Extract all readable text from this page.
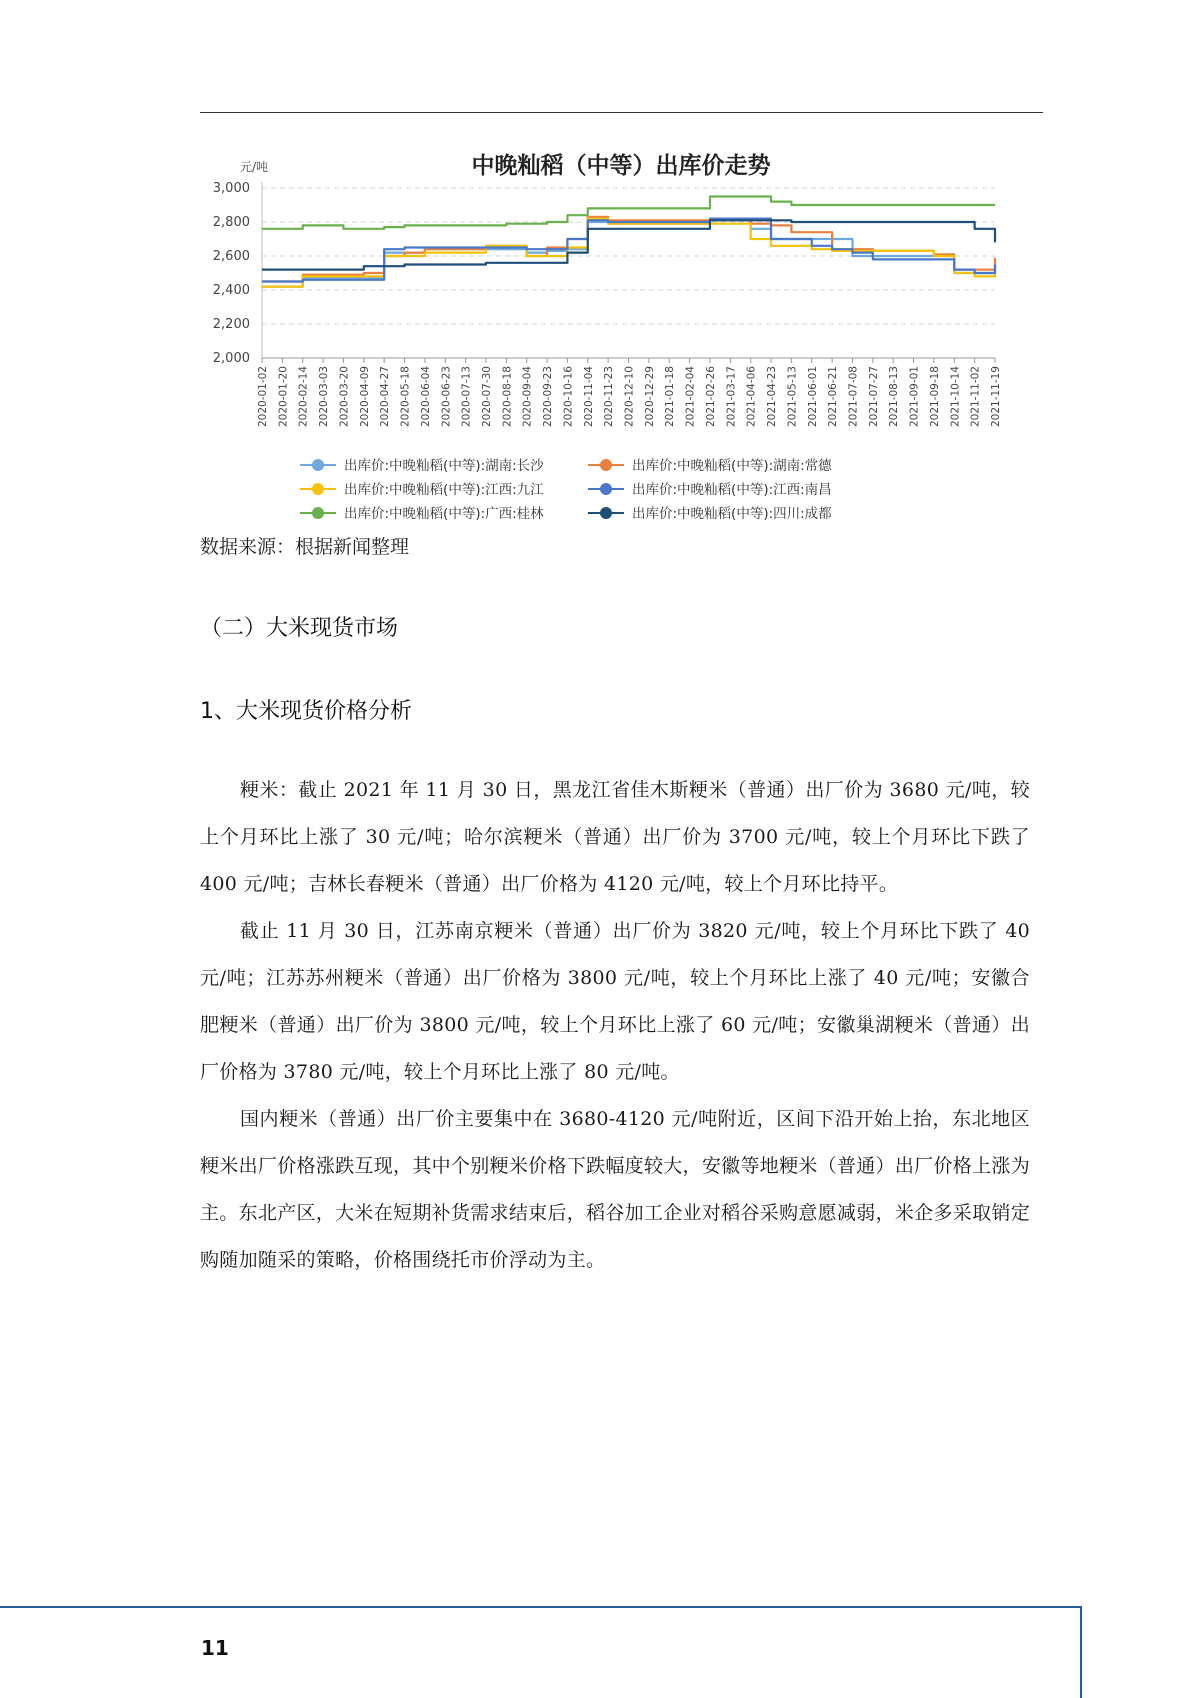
2,000
2,200
2,400
2,600
2,800
3,000
2020-01-02 2020-01-20 2020-02-14 2020-03-03 2020-03-20 2020-04-09 2020-04-27 2020-05-18 2020-06-04 2020-06-23 2020-07-13 2020-07-30 2020-08-18 2020-09-04 2020-09-23 2020-10-16 2020-11-04 2020-11-23 2020-12-10 2020-12-29 2021-01-18 2021-02-04 2021-02-26 2021-03-17 2021-04-06 2021-04-23 2021-05-13 2021-06-01 2021-06-21 2021-07-08 2021-07-27 2021-08-13 2021-09-01 2021-09-18 2021-10-14 2021-11-02 2021-11-19
中晚籼稻（中等）出库价走势
元/吨
出库价:中晚籼稻(中等):湖南:长沙	出库价:中晚籼稻(中等):湖南:常德
出库价:中晚籼稻(中等):江西:九江	出库价:中晚籼稻(中等):江西:南昌
出库价:中晚籼稻(中等):广西:桂林	出库价:中晚籼稻(中等):四川:成都
数据来源：根据新闻整理
（二）大米现货市场
1、大米现货价格分析

粳米：截止 2021 年 11 月 30 日，黑龙江省佳木斯粳米（普通）出厂价为 3680 元/吨，较上个月环比上涨了 30 元/吨；哈尔滨粳米（普通）出厂价为 3700 元/吨，较上个月环比下跌了 400 元/吨；吉林长春粳米（普通）出厂价格为 4120 元/吨，较上个月环比持平。

截止 11 月 30 日，江苏南京粳米（普通）出厂价为 3820 元/吨，较上个月环比下跌了 40 元/吨；江苏苏州粳米（普通）出厂价格为 3800 元/吨，较上个月环比上涨了 40 元/吨；安徽合肥粳米（普通）出厂价为 3800 元/吨，较上个月环比上涨了 60 元/吨；安徽巢湖粳米（普通）出厂价格为 3780 元/吨，较上个月环比上涨了 80 元/吨。

国内粳米（普通）出厂价主要集中在 3680-4120 元/吨附近，区间下沿开始上抬，东北地区粳米出厂价格涨跌互现，其中个别粳米价格下跌幅度较大，安徽等地粳米（普通）出厂价格上涨为主。东北产区，大米在短期补货需求结束后，稻谷加工企业对稻谷采购意愿减弱，米企多采取销定购随加随采的策略，价格围绕托市价浮动为主。

11
